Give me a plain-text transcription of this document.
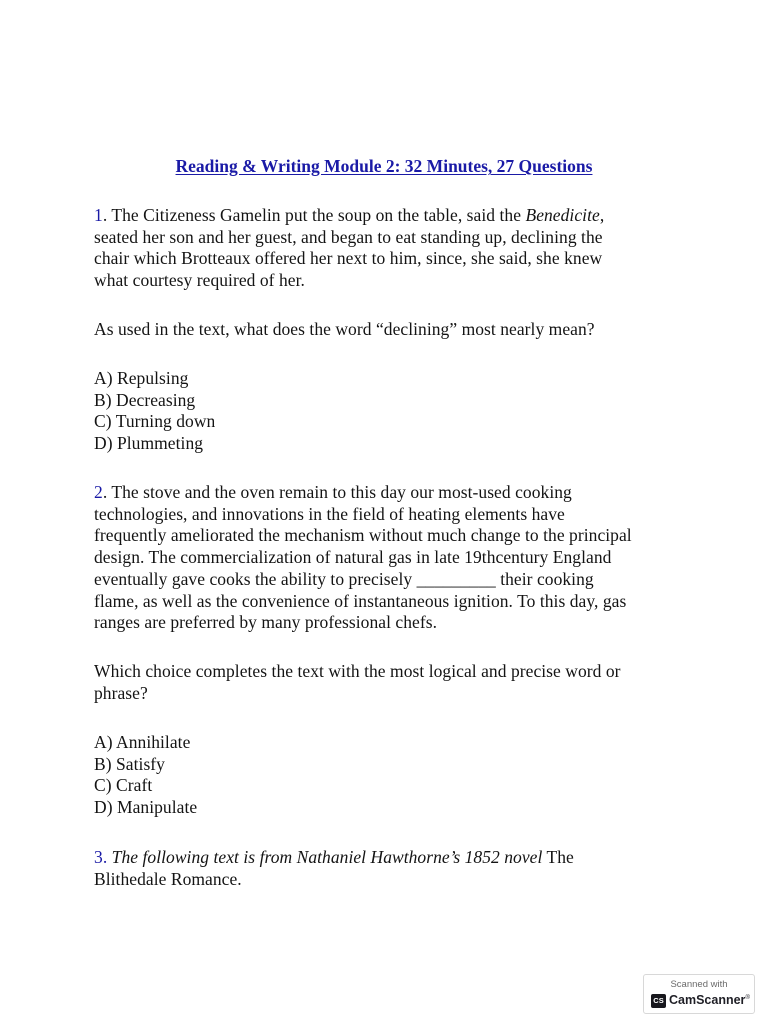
Reading & Writing Module 2: 32 Minutes, 27 Questions
1. The Citizeness Gamelin put the soup on the table, said the Benedicite,
seated her son and her guest, and began to eat standing up, declining the
chair which Brotteaux offered her next to him, since, she said, she knew
what courtesy required of her.
As used in the text, what does the word “declining” most nearly mean?
A) Repulsing
B) Decreasing
C) Turning down
D) Plummeting
2. The stove and the oven remain to this day our most-used cooking
technologies, and innovations in the field of heating elements have
frequently ameliorated the mechanism without much change to the principal
design. The commercialization of natural gas in late 19thcentury England
eventually gave cooks the ability to precisely _________ their cooking
flame, as well as the convenience of instantaneous ignition. To this day, gas
ranges are preferred by many professional chefs.
Which choice completes the text with the most logical and precise word or
phrase?
A) Annihilate
B) Satisfy
C) Craft
D) Manipulate
3. The following text is from Nathaniel Hawthorne’s 1852 novel The
Blithedale Romance.
Scanned with
CS CamScanner®
